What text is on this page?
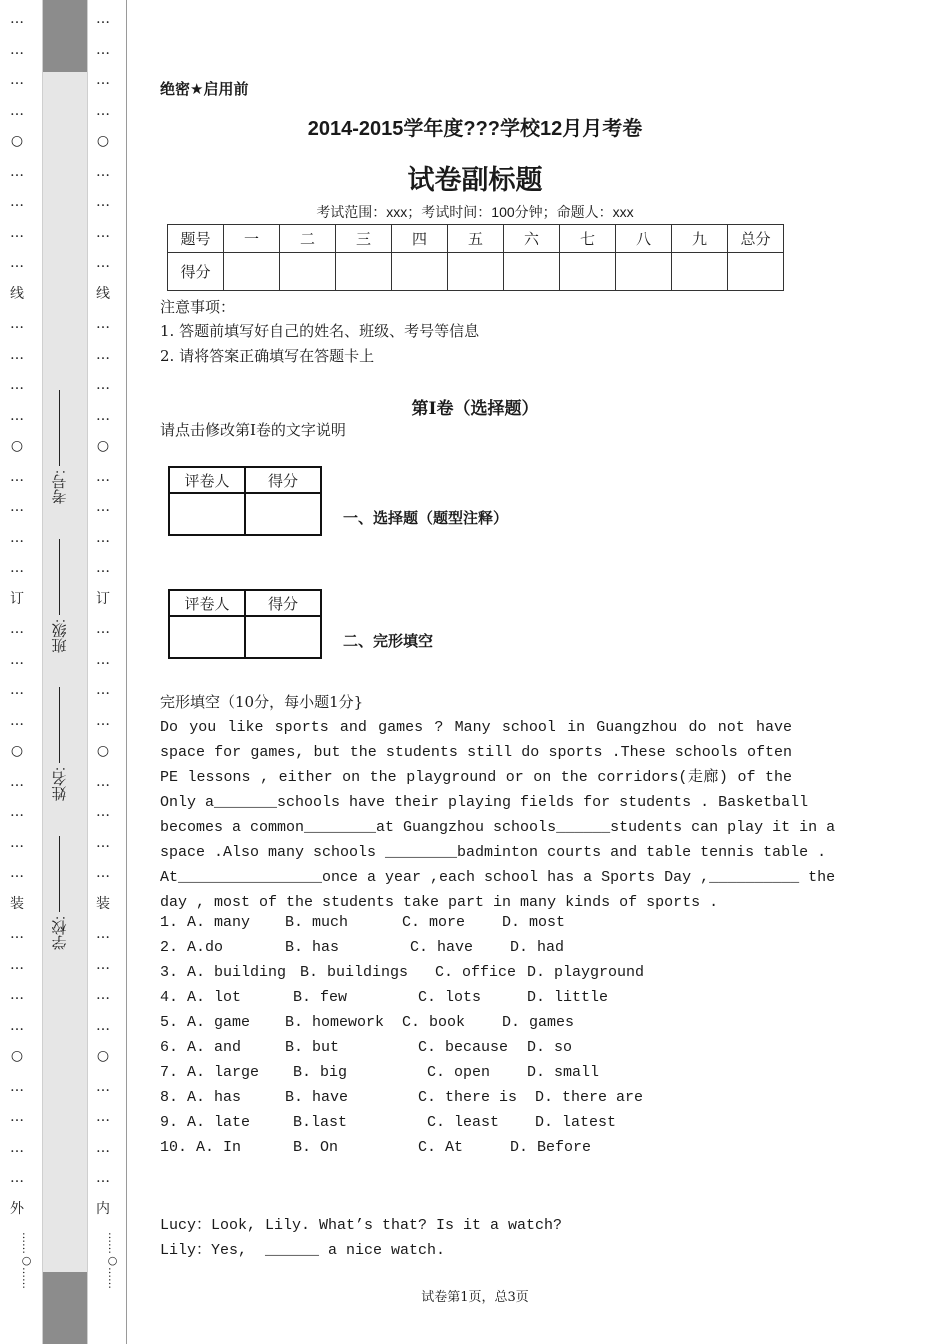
…
…
…
…
○
…
…
…
…
线
…
…
…
…
○
…
…
…
…
订
…
…
…
…
○
…
…
…
…
装
…
…
…
…
○
…
…
…
…
外
……○……
学校:
姓名:
班级:
考号:
…
…
…
…
○
…
…
…
…
线
…
…
…
…
○
…
…
…
…
订
…
…
…
…
○
…
…
…
…
装
…
…
…
…
○
…
…
…
…
内
……○……
绝密★启用前
2014-2015学年度???学校12月月考卷
试卷副标题
考试范围：xxx；考试时间：100分钟；命题人：xxx
题号	一	二	三	四	五	六	七	八	九	总分
得分										
注意事项：
1. 答题前填写好自己的姓名、班级、考号等信息
2. 请将答案正确填写在答题卡上
第I卷（选择题）
请点击修改第I卷的文字说明
评卷人	得分

一、选择题（题型注释）
评卷人	得分

二、完形填空
完形填空（10分，每小题1分}
Do you like sports and games ? Many school in Guangzhou do not have
space for games, but the students still do sports .These schools often
PE lessons , either on the playground or on the corridors(走廊) of the
Only a_______schools have their playing fields for students . Basketball
becomes a common________at Guangzhou schools______students can play it in a
space .Also many schools ________badminton courts and table tennis table .
At________________once a year ,each school has a Sports Day ,__________ the
day , most of the students take part in many kinds of sports .
1. A. many B. much	C. more D. most
2. A.do	B. has	C. have D. had
3. A. building B. buildings C. office D. playground
4. A. lot	B. few	C. lots	D. little
5. A. game B. homework C. book D. games
6. A. and	B. but	C. because D. so
7. A. large B. big	C. open D. small
8. A. has	B. have	C. there is D. there are
9. A. late	B.last	C. least D. latest
10. A. In	B. On	C. At	D. Before
Lucy：Look, Lily. What’s that? Is it a watch?
Lily：Yes,  ______ a nice watch.
试卷第1页，总3页
